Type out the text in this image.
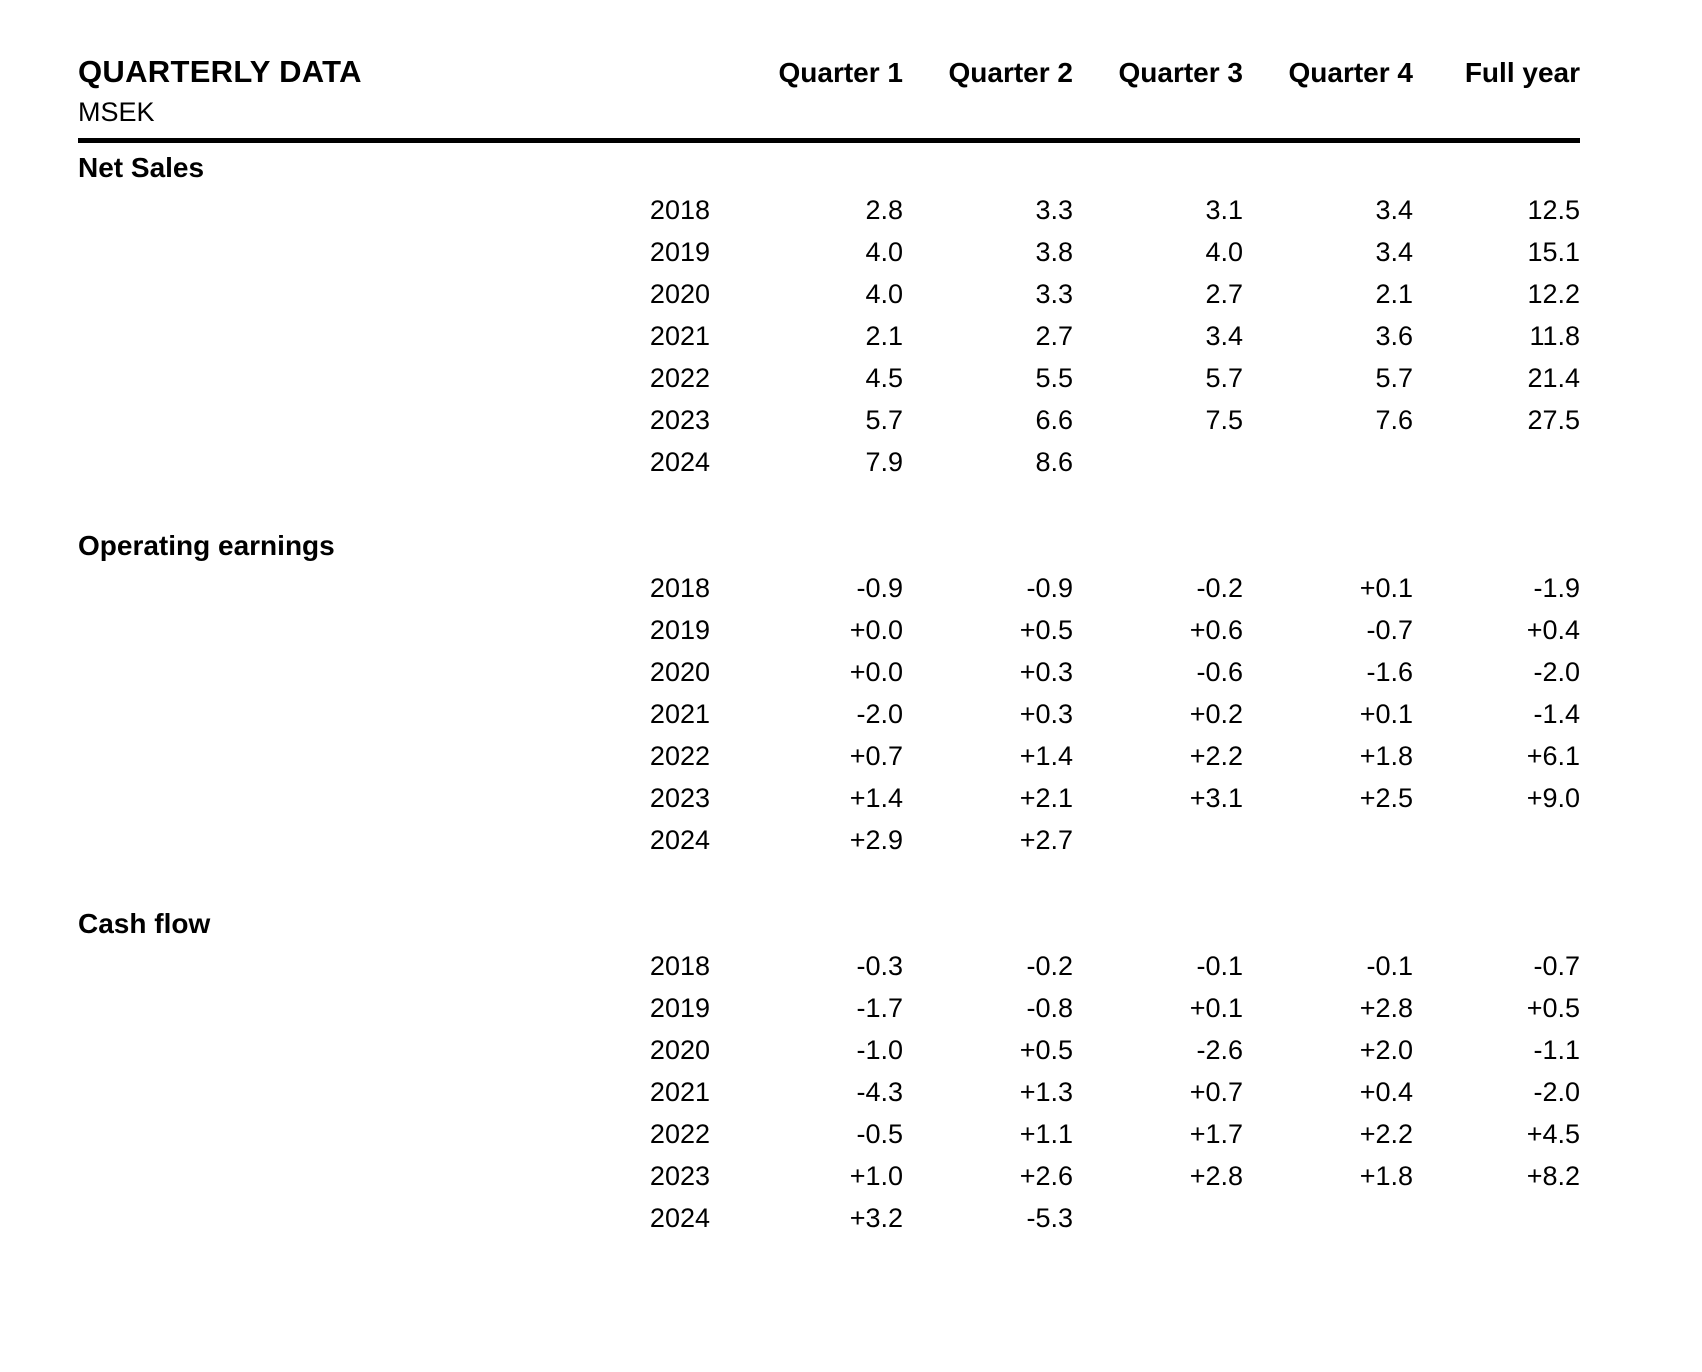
QUARTERLY DATA	Quarter 1	Quarter 2	Quarter 3	Quarter 4	Full year
MSEK
Net Sales
2018	2.8	3.3	3.1	3.4	12.5
2019	4.0	3.8	4.0	3.4	15.1
2020	4.0	3.3	2.7	2.1	12.2
2021	2.1	2.7	3.4	3.6	11.8
2022	4.5	5.5	5.7	5.7	21.4
2023	5.7	6.6	7.5	7.6	27.5
2024	7.9	8.6
Operating earnings
2018	-0.9	-0.9	-0.2	+0.1	-1.9
2019	+0.0	+0.5	+0.6	-0.7	+0.4
2020	+0.0	+0.3	-0.6	-1.6	-2.0
2021	-2.0	+0.3	+0.2	+0.1	-1.4
2022	+0.7	+1.4	+2.2	+1.8	+6.1
2023	+1.4	+2.1	+3.1	+2.5	+9.0
2024	+2.9	+2.7
Cash flow
2018	-0.3	-0.2	-0.1	-0.1	-0.7
2019	-1.7	-0.8	+0.1	+2.8	+0.5
2020	-1.0	+0.5	-2.6	+2.0	-1.1
2021	-4.3	+1.3	+0.7	+0.4	-2.0
2022	-0.5	+1.1	+1.7	+2.2	+4.5
2023	+1.0	+2.6	+2.8	+1.8	+8.2
2024	+3.2	-5.3
